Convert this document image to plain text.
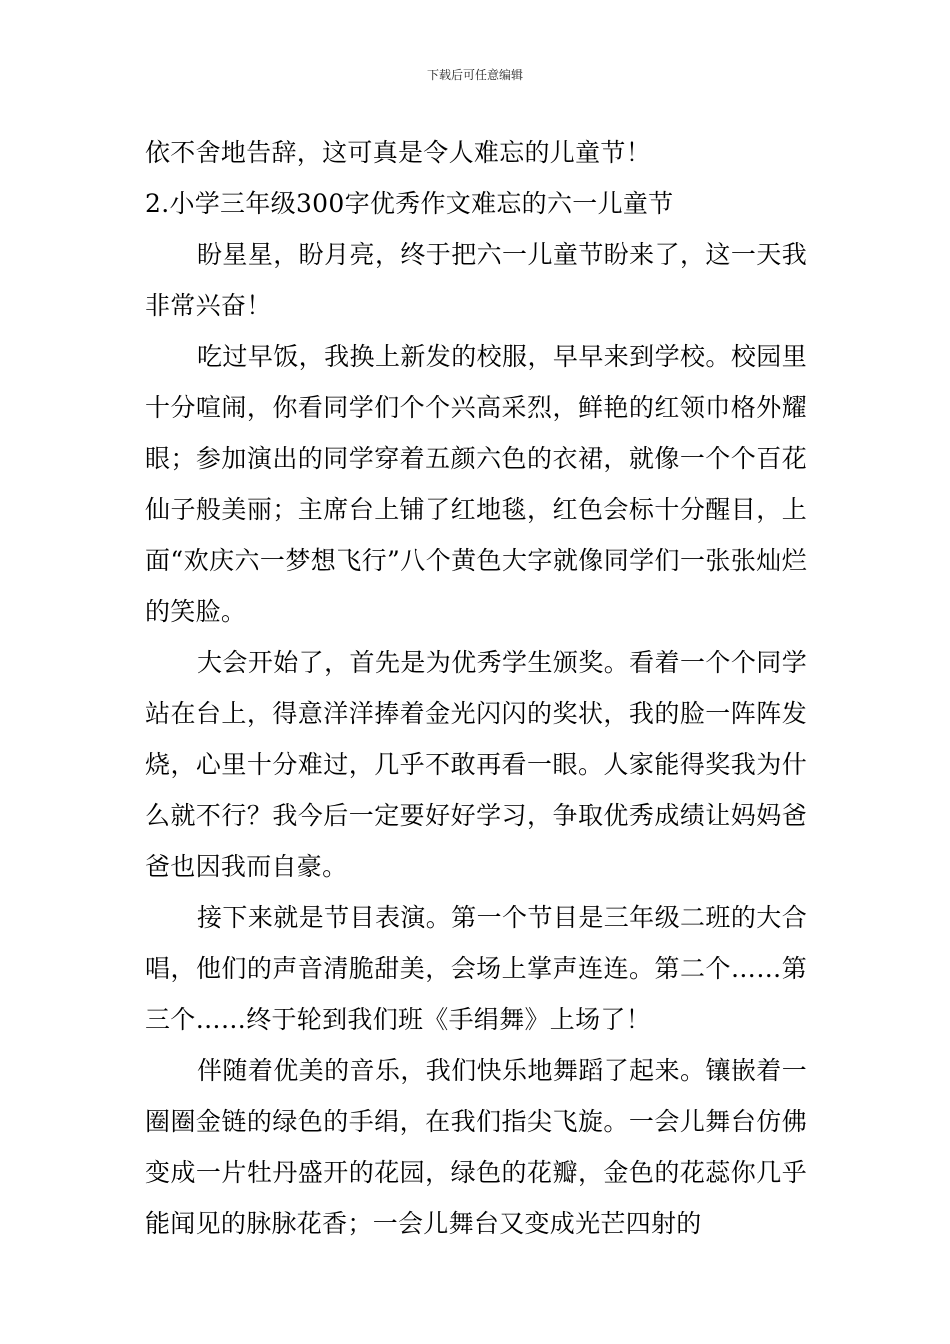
下载后可任意编辑

依不舍地告辞，这可真是令人难忘的儿童节！

2.小学三年级300字优秀作文难忘的六一儿童节

盼星星，盼月亮，终于把六一儿童节盼来了，这一天我非常兴奋！

吃过早饭，我换上新发的校服，早早来到学校。校园里十分喧闹，你看同学们个个兴高采烈，鲜艳的红领巾格外耀眼；参加演出的同学穿着五颜六色的衣裙，就像一个个百花仙子般美丽；主席台上铺了红地毯，红色会标十分醒目，上面“欢庆六一梦想飞行”八个黄色大字就像同学们一张张灿烂的笑脸。

大会开始了，首先是为优秀学生颁奖。看着一个个同学站在台上，得意洋洋捧着金光闪闪的奖状，我的脸一阵阵发烧，心里十分难过，几乎不敢再看一眼。人家能得奖我为什么就不行？我今后一定要好好学习，争取优秀成绩让妈妈爸爸也因我而自豪。

接下来就是节目表演。第一个节目是三年级二班的大合唱，他们的声音清脆甜美，会场上掌声连连。第二个……第三个……终于轮到我们班《手绢舞》上场了！

伴随着优美的音乐，我们快乐地舞蹈了起来。镶嵌着一圈圈金链的绿色的手绢，在我们指尖飞旋。一会儿舞台仿佛变成一片牡丹盛开的花园，绿色的花瓣，金色的花蕊你几乎能闻见的脉脉花香；一会儿舞台又变成光芒四射的
